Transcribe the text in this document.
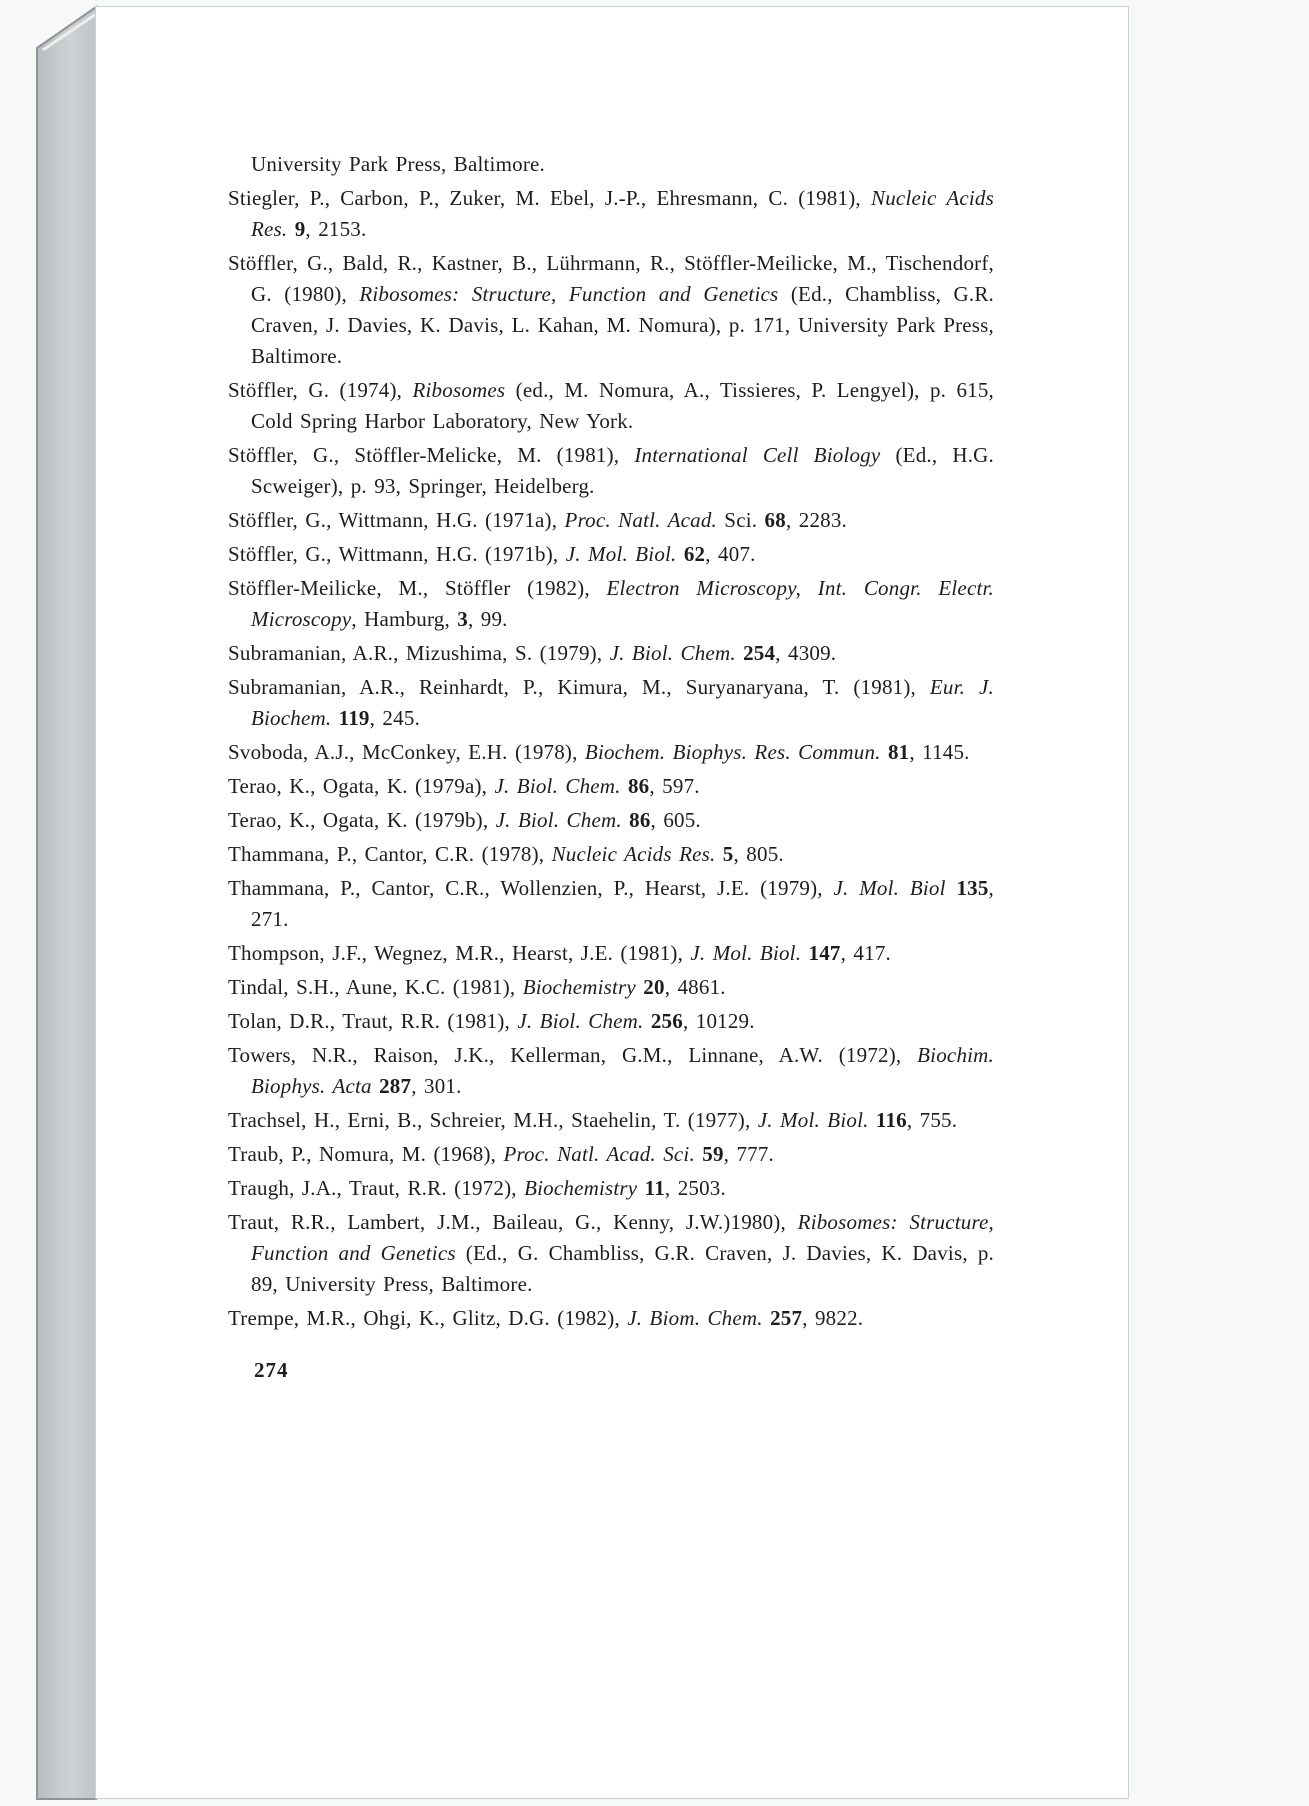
University Park Press, Baltimore.

Stiegler, P., Carbon, P., Zuker, M. Ebel, J.-P., Ehresmann, C. (1981), Nucleic Acids Res. 9, 2153.

Stöffler, G., Bald, R., Kastner, B., Lührmann, R., Stöffler-Meilicke, M., Tischendorf, G. (1980), Ribosomes: Structure, Function and Genetics (Ed., Chambliss, G.R. Craven, J. Davies, K. Davis, L. Kahan, M. Nomura), p. 171, University Park Press, Baltimore.

Stöffler, G. (1974), Ribosomes (ed., M. Nomura, A., Tissieres, P. Lengyel), p. 615, Cold Spring Harbor Laboratory, New York.

Stöffler, G., Stöffler-Melicke, M. (1981), International Cell Biology (Ed., H.G. Scweiger), p. 93, Springer, Heidelberg.

Stöffler, G., Wittmann, H.G. (1971a), Proc. Natl. Acad. Sci. 68, 2283.

Stöffler, G., Wittmann, H.G. (1971b), J. Mol. Biol. 62, 407.

Stöffler-Meilicke, M., Stöffler (1982), Electron Microscopy, Int. Congr. Electr. Microscopy, Hamburg, 3, 99.

Subramanian, A.R., Mizushima, S. (1979), J. Biol. Chem. 254, 4309.

Subramanian, A.R., Reinhardt, P., Kimura, M., Suryanaryana, T. (1981), Eur. J. Biochem. 119, 245.

Svoboda, A.J., McConkey, E.H. (1978), Biochem. Biophys. Res. Commun. 81, 1145.

Terao, K., Ogata, K. (1979a), J. Biol. Chem. 86, 597.

Terao, K., Ogata, K. (1979b), J. Biol. Chem. 86, 605.

Thammana, P., Cantor, C.R. (1978), Nucleic Acids Res. 5, 805.

Thammana, P., Cantor, C.R., Wollenzien, P., Hearst, J.E. (1979), J. Mol. Biol 135, 271.

Thompson, J.F., Wegnez, M.R., Hearst, J.E. (1981), J. Mol. Biol. 147, 417.

Tindal, S.H., Aune, K.C. (1981), Biochemistry 20, 4861.

Tolan, D.R., Traut, R.R. (1981), J. Biol. Chem. 256, 10129.

Towers, N.R., Raison, J.K., Kellerman, G.M., Linnane, A.W. (1972), Biochim. Biophys. Acta 287, 301.

Trachsel, H., Erni, B., Schreier, M.H., Staehelin, T. (1977), J. Mol. Biol. 116, 755.

Traub, P., Nomura, M. (1968), Proc. Natl. Acad. Sci. 59, 777.

Traugh, J.A., Traut, R.R. (1972), Biochemistry 11, 2503.

Traut, R.R., Lambert, J.M., Baileau, G., Kenny, J.W.)1980), Ribosomes: Structure, Function and Genetics (Ed., G. Chambliss, G.R. Craven, J. Davies, K. Davis, p. 89, University Press, Baltimore.

Trempe, M.R., Ohgi, K., Glitz, D.G. (1982), J. Biom. Chem. 257, 9822.

274
